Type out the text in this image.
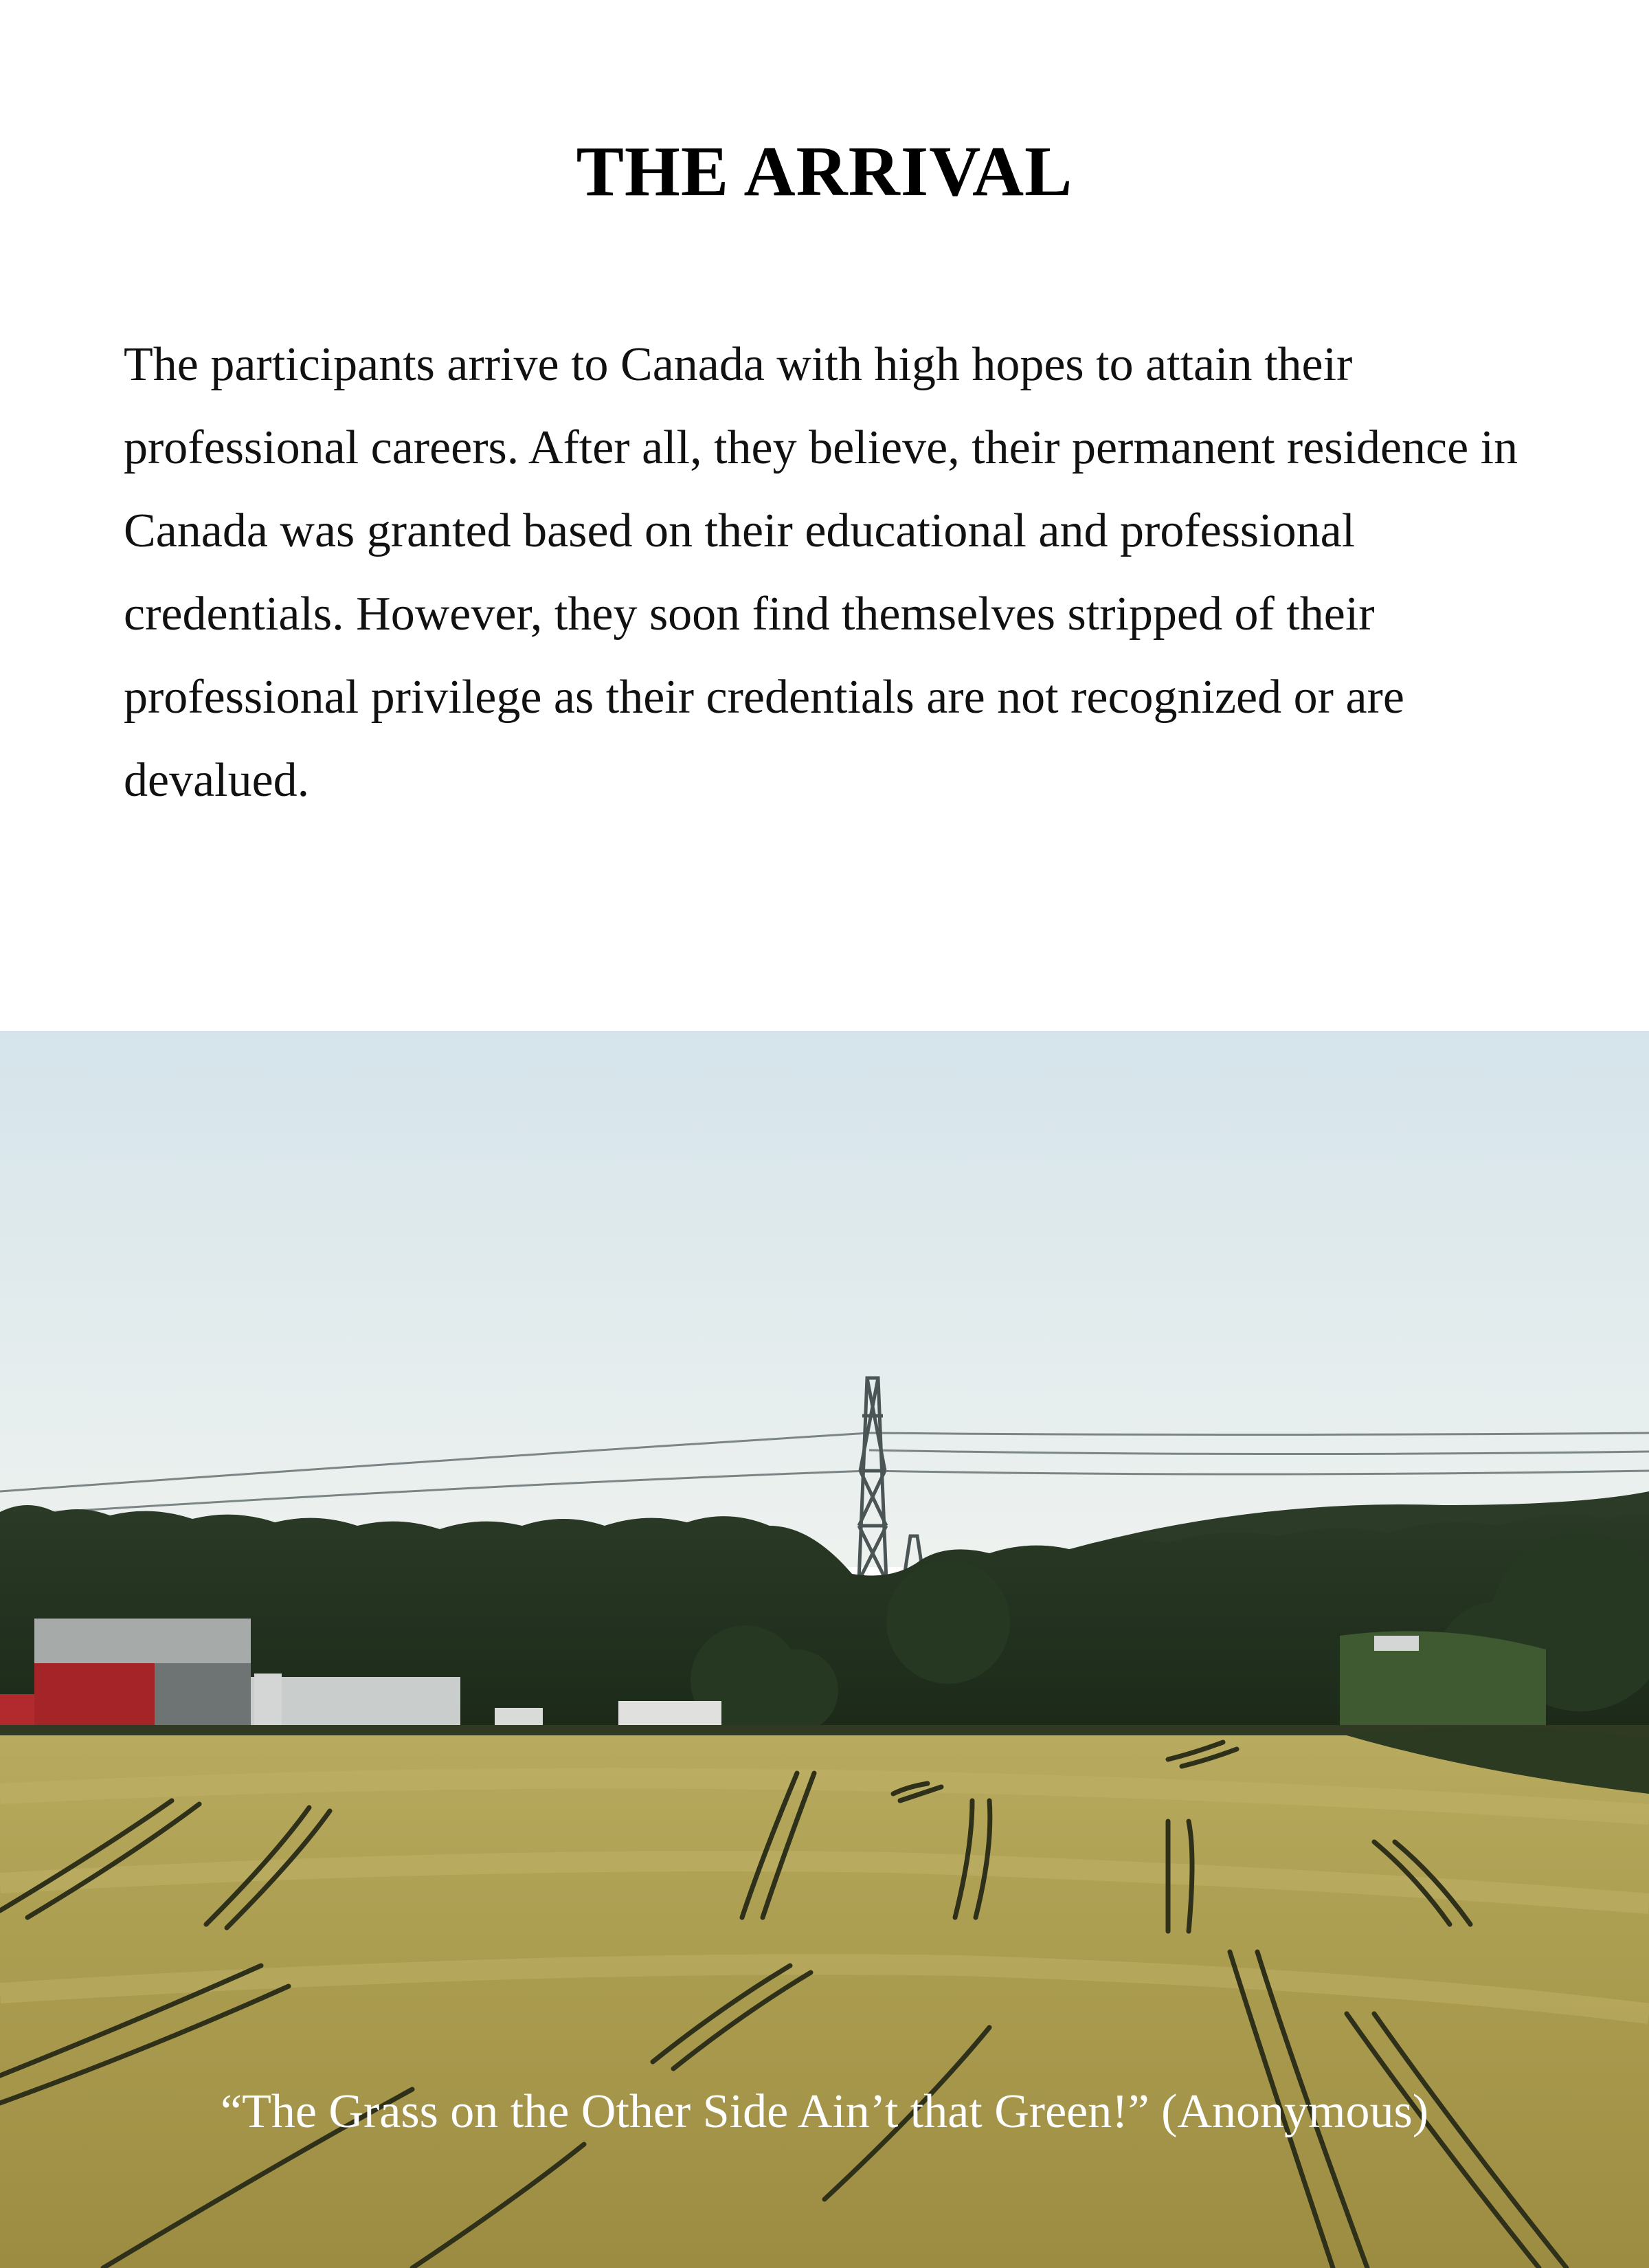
THE ARRIVAL

The participants arrive to Canada with high hopes to attain their professional careers. After all, they believe, their permanent residence in Canada was granted based on their educational and professional credentials. However, they soon find themselves stripped of their professional privilege as their credentials are not recognized or are devalued.

“The Grass on the Other Side Ain’t that Green!” (Anonymous)
